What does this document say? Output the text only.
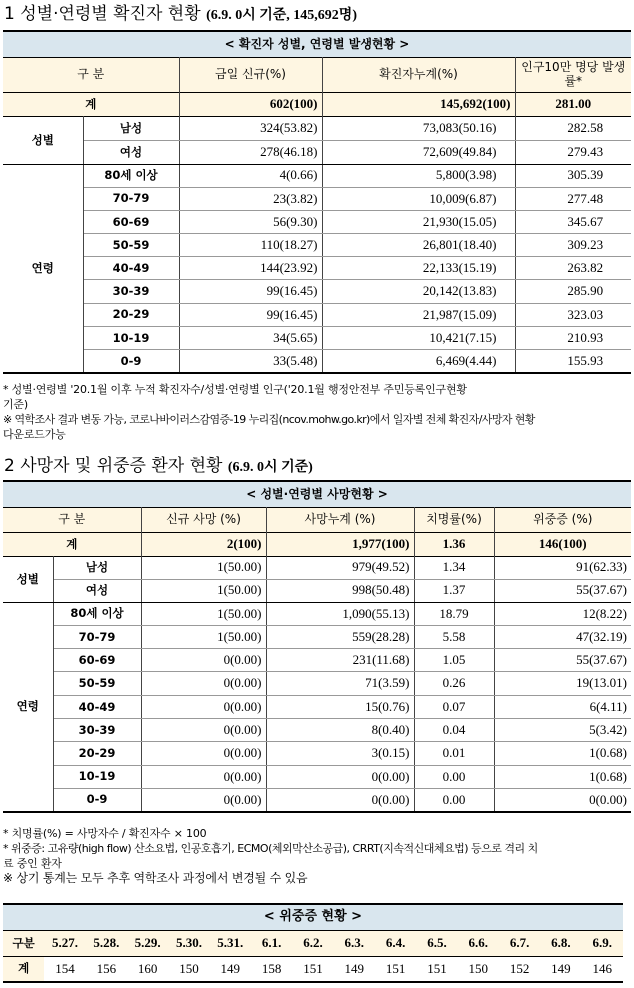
1 성별·연령별 확진자 현황 (6.9. 0시 기준, 145,692명)
< 확진자 성별, 연령별 발생현황 >				
구 분		금일 신규(%)	확진자누계(%)	인구10만 명당 발생률*
계		602(100)	145,692(100)	281.00
성별	남성	324(53.82)	73,083(50.16)	282.58
	여성	278(46.18)	72,609(49.84)	279.43
연령	80세 이상	4(0.66)	5,800(3.98)	305.39
	70-79	23(3.82)	10,009(6.87)	277.48
	60-69	56(9.30)	21,930(15.05)	345.67
	50-59	110(18.27)	26,801(18.40)	309.23
	40-49	144(23.92)	22,133(15.19)	263.82
	30-39	99(16.45)	20,142(13.83)	285.90
	20-29	99(16.45)	21,987(15.09)	323.03
	10-19	34(5.65)	10,421(7.15)	210.93
	0-9	33(5.48)	6,469(4.44)	155.93
* 성별·연령별 '20.1월 이후 누적 확진자수/성별·연령별 인구('20.1월 행정안전부 주민등록인구현황
기준)
※ 역학조사 결과 변동 가능, 코로나바이러스감염증-19 누리집(ncov.mohw.go.kr)에서 일자별 전체 확진자/사망자 현황
다운로드가능
2 사망자 및 위중증 환자 현황 (6.9. 0시 기준)
< 성별·연령별 사망현황 >					
구 분		신규 사망 (%)	사망누계 (%)	치명률(%)	위중증 (%)
계		2(100)	1,977(100)	1.36	146(100)
성별	남성	1(50.00)	979(49.52)	1.34	91(62.33)
	여성	1(50.00)	998(50.48)	1.37	55(37.67)
연령	80세 이상	1(50.00)	1,090(55.13)	18.79	12(8.22)
	70-79	1(50.00)	559(28.28)	5.58	47(32.19)
	60-69	0(0.00)	231(11.68)	1.05	55(37.67)
	50-59	0(0.00)	71(3.59)	0.26	19(13.01)
	40-49	0(0.00)	15(0.76)	0.07	6(4.11)
	30-39	0(0.00)	8(0.40)	0.04	5(3.42)
	20-29	0(0.00)	3(0.15)	0.01	1(0.68)
	10-19	0(0.00)	0(0.00)	0.00	1(0.68)
	0-9	0(0.00)	0(0.00)	0.00	0(0.00)
* 치명률(%) = 사망자수 / 확진자수 × 100
* 위중증: 고유량(high flow) 산소요법, 인공호흡기, ECMO(체외막산소공급), CRRT(지속적신대체요법) 등으로 격리 치
료 중인 환자
※ 상기 통계는 모두 추후 역학조사 과정에서 변경될 수 있음
< 위중증 현황 >														
구분	5.27.	5.28.	5.29.	5.30.	5.31.	6.1.	6.2.	6.3.	6.4.	6.5.	6.6.	6.7.	6.8.	6.9.
계	154	156	160	150	149	158	151	149	151	151	150	152	149	146
